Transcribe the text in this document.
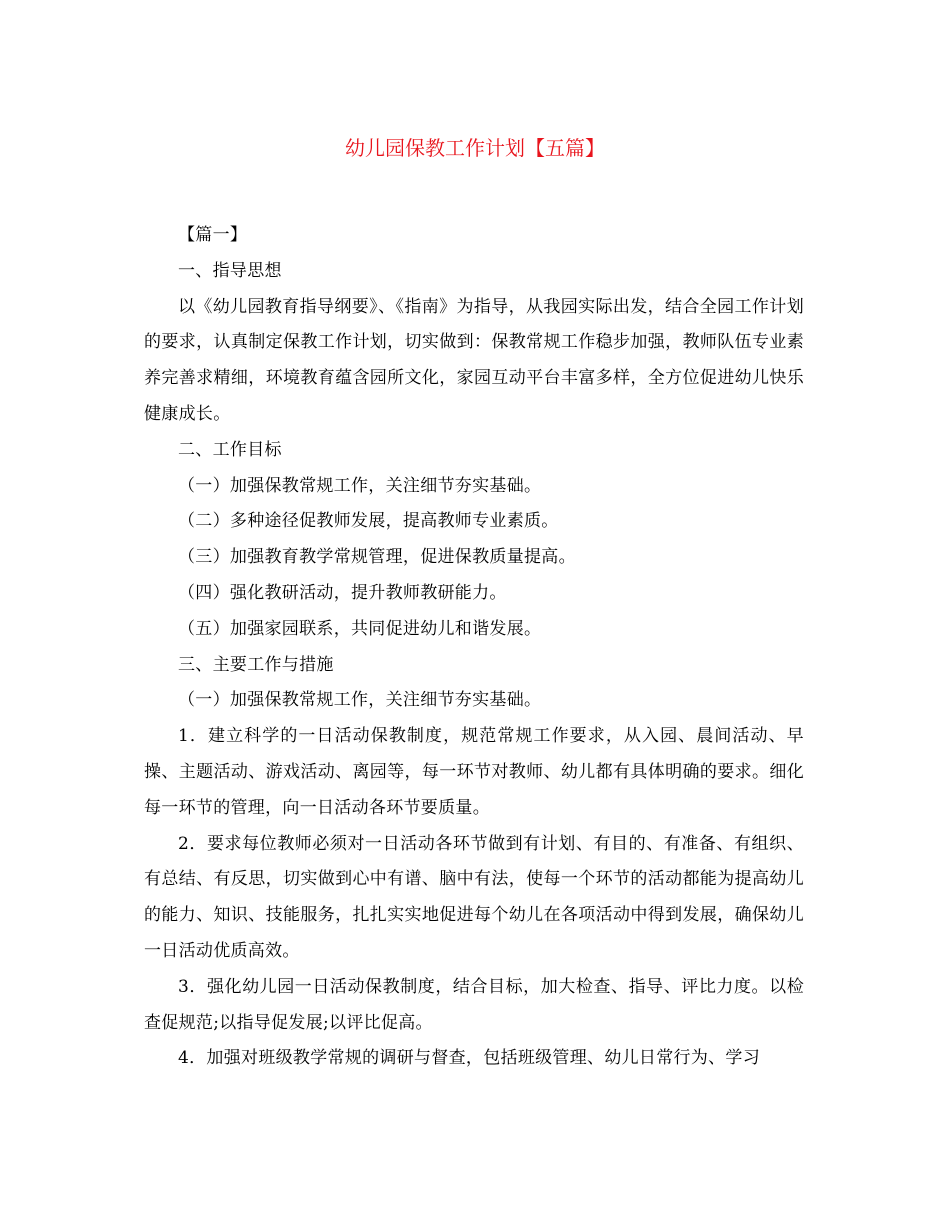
幼儿园保教工作计划【五篇】

【篇一】

一、指导思想

以《幼儿园教育指导纲要》、《指南》为指导，从我园实际出发，结合全园工作计划的要求，认真制定保教工作计划，切实做到：保教常规工作稳步加强，教师队伍专业素养完善求精细，环境教育蕴含园所文化，家园互动平台丰富多样，全方位促进幼儿快乐健康成长。

二、工作目标

（一）加强保教常规工作，关注细节夯实基础。

（二）多种途径促教师发展，提高教师专业素质。

（三）加强教育教学常规管理，促进保教质量提高。

（四）强化教研活动，提升教师教研能力。

（五）加强家园联系，共同促进幼儿和谐发展。

三、主要工作与措施

（一）加强保教常规工作，关注细节夯实基础。

1．建立科学的一日活动保教制度，规范常规工作要求，从入园、晨间活动、早操、主题活动、游戏活动、离园等，每一环节对教师、幼儿都有具体明确的要求。细化每一环节的管理，向一日活动各环节要质量。

2．要求每位教师必须对一日活动各环节做到有计划、有目的、有准备、有组织、有总结、有反思，切实做到心中有谱、脑中有法，使每一个环节的活动都能为提高幼儿的能力、知识、技能服务，扎扎实实地促进每个幼儿在各项活动中得到发展，确保幼儿一日活动优质高效。

3．强化幼儿园一日活动保教制度，结合目标，加大检查、指导、评比力度。以检查促规范;以指导促发展;以评比促高。

4．加强对班级教学常规的调研与督查，包括班级管理、幼儿日常行为、学习
